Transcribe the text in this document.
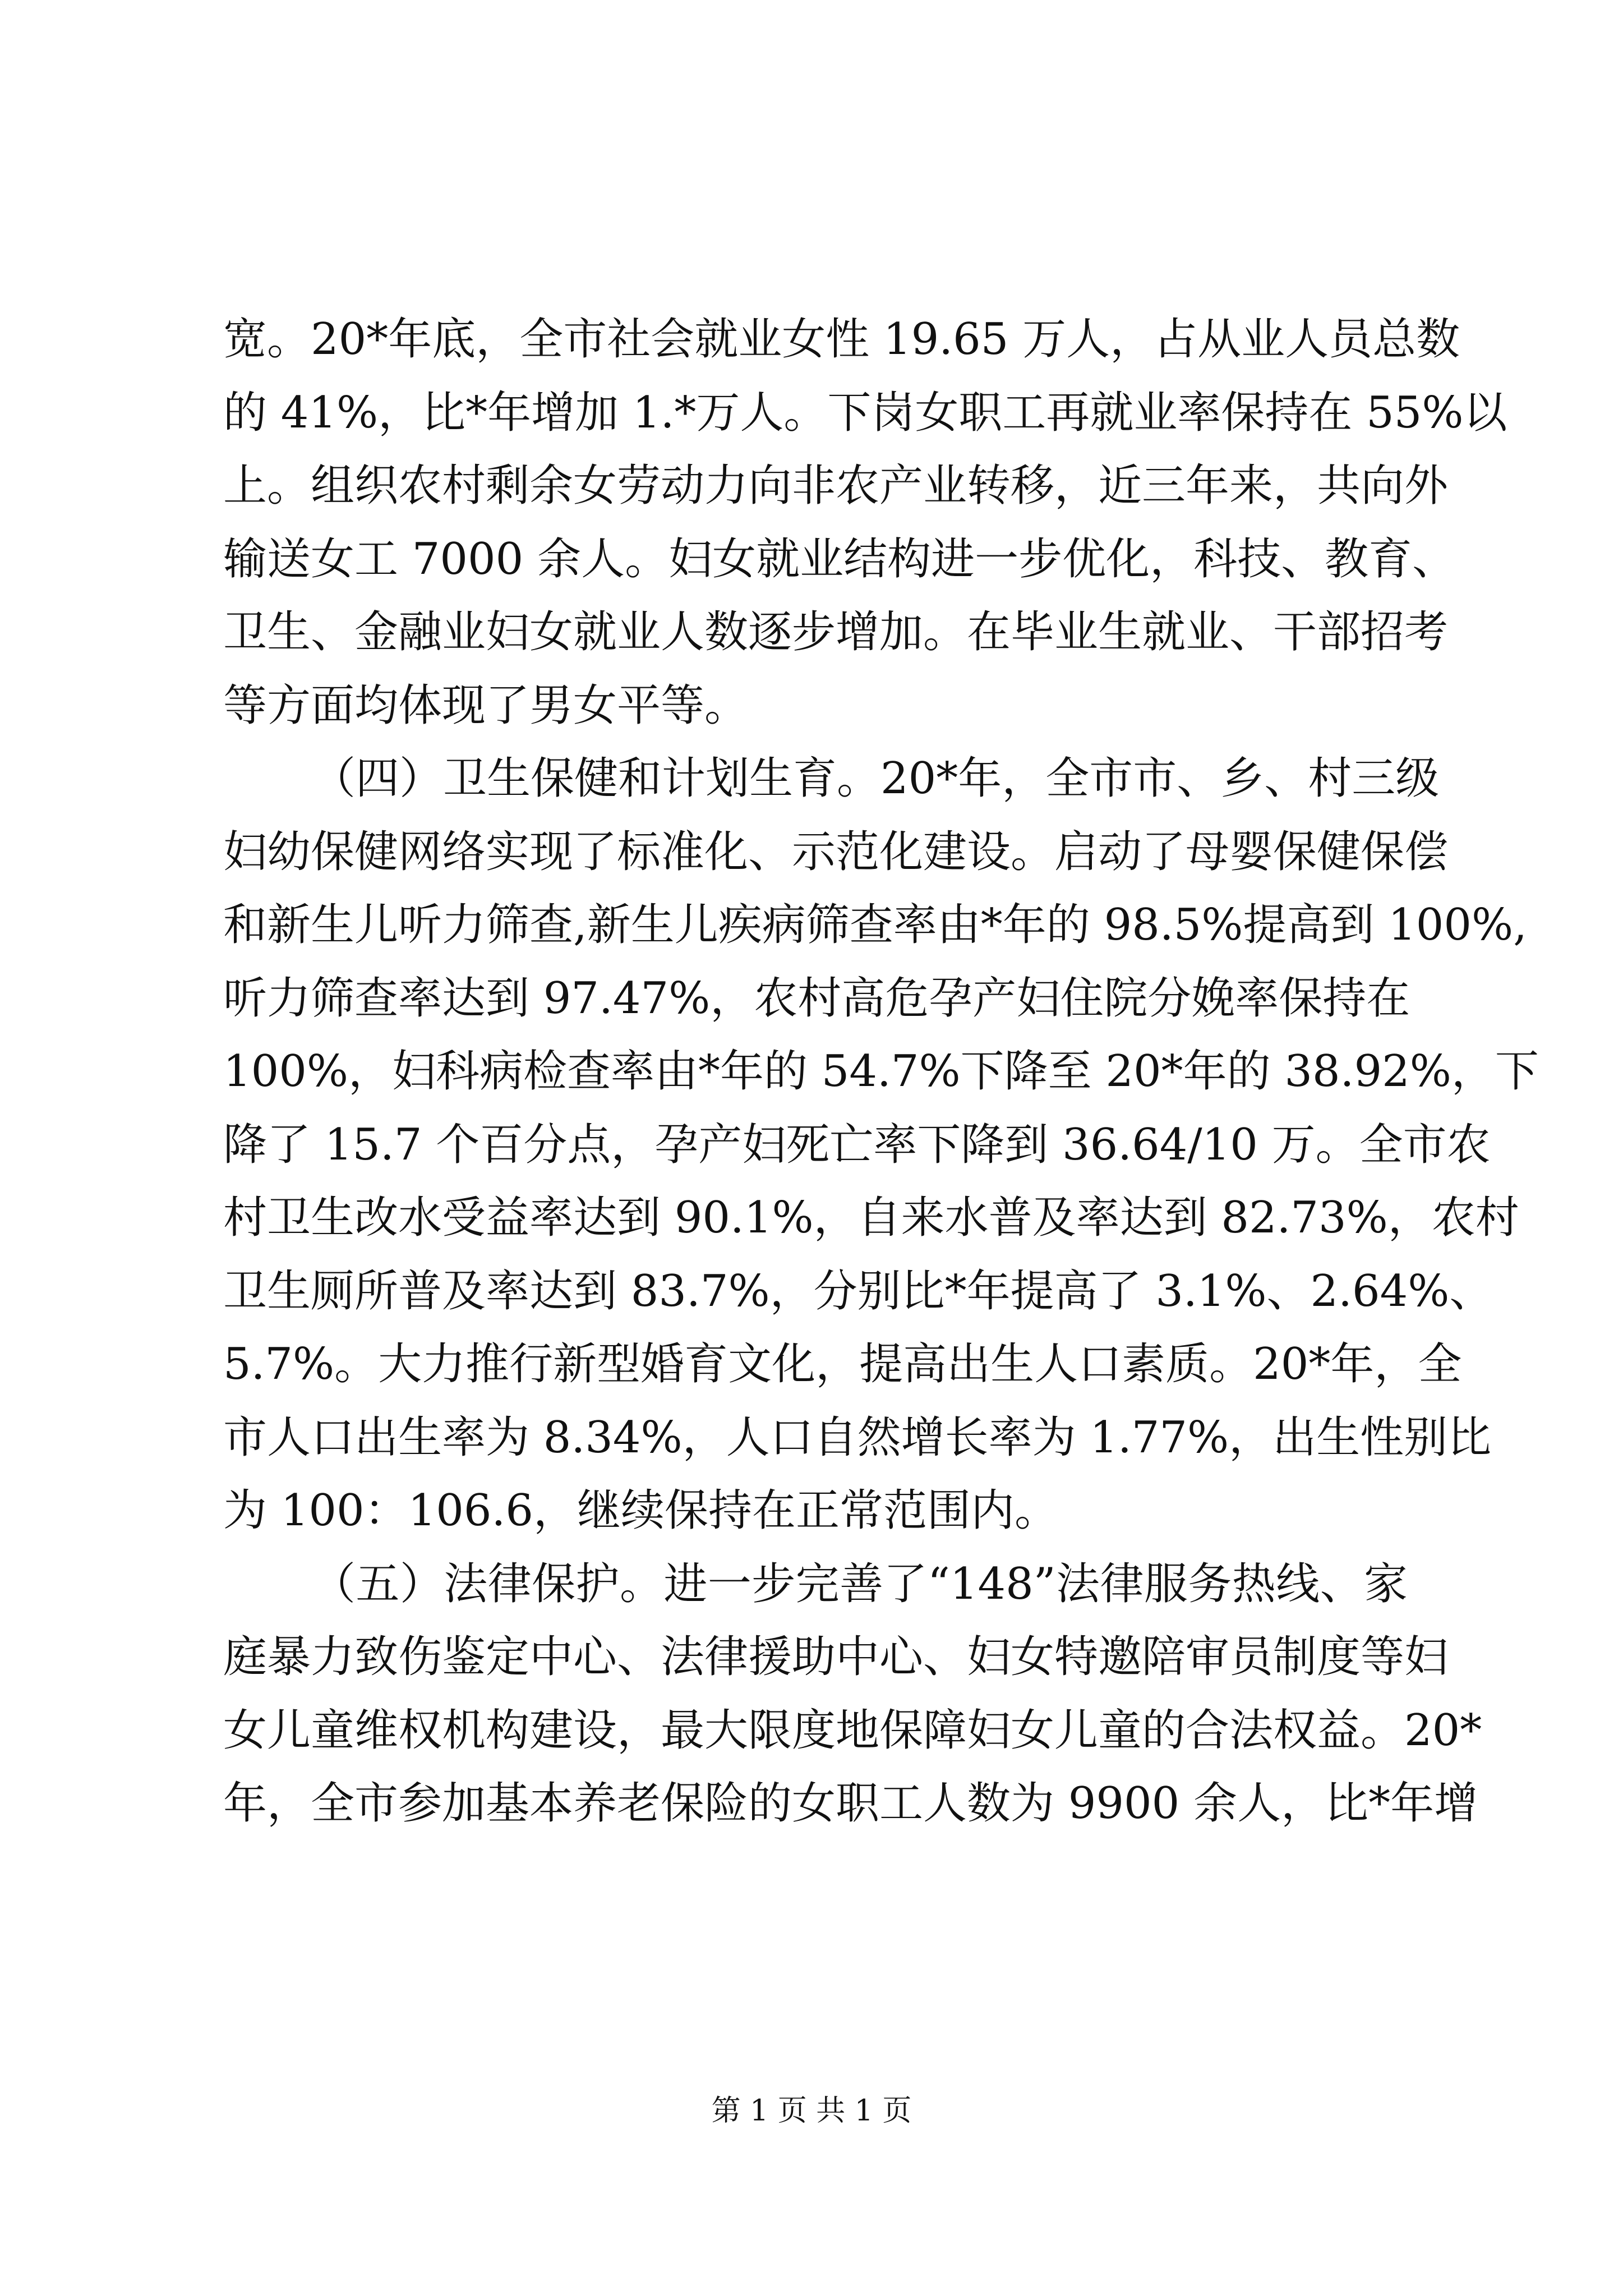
宽。20*年底，全市社会就业女性 19.65 万人，占从业人员总数
的 41%，比*年增加 1.*万人。下岗女职工再就业率保持在 55%以
上。组织农村剩余女劳动力向非农产业转移，近三年来，共向外
输送女工 7000 余人。妇女就业结构进一步优化，科技、教育、
卫生、金融业妇女就业人数逐步增加。在毕业生就业、干部招考
等方面均体现了男女平等。
（四）卫生保健和计划生育。20*年，全市市、乡、村三级
妇幼保健网络实现了标准化、示范化建设。启动了母婴保健保偿
和新生儿听力筛查,新生儿疾病筛查率由*年的 98.5%提高到 100%,
听力筛查率达到 97.47%，农村高危孕产妇住院分娩率保持在
100%，妇科病检查率由*年的 54.7%下降至 20*年的 38.92%，下
降了 15.7 个百分点，孕产妇死亡率下降到 36.64/10 万。全市农
村卫生改水受益率达到 90.1%，自来水普及率达到 82.73%，农村
卫生厕所普及率达到 83.7%，分别比*年提高了 3.1%、2.64%、
5.7%。大力推行新型婚育文化，提高出生人口素质。20*年，全
市人口出生率为 8.34%，人口自然增长率为 1.77%，出生性别比
为 100：106.6，继续保持在正常范围内。
（五）法律保护。进一步完善了“148”法律服务热线、家
庭暴力致伤鉴定中心、法律援助中心、妇女特邀陪审员制度等妇
女儿童维权机构建设，最大限度地保障妇女儿童的合法权益。20*
年，全市参加基本养老保险的女职工人数为 9900 余人，比*年增
第 1 页 共 1 页
